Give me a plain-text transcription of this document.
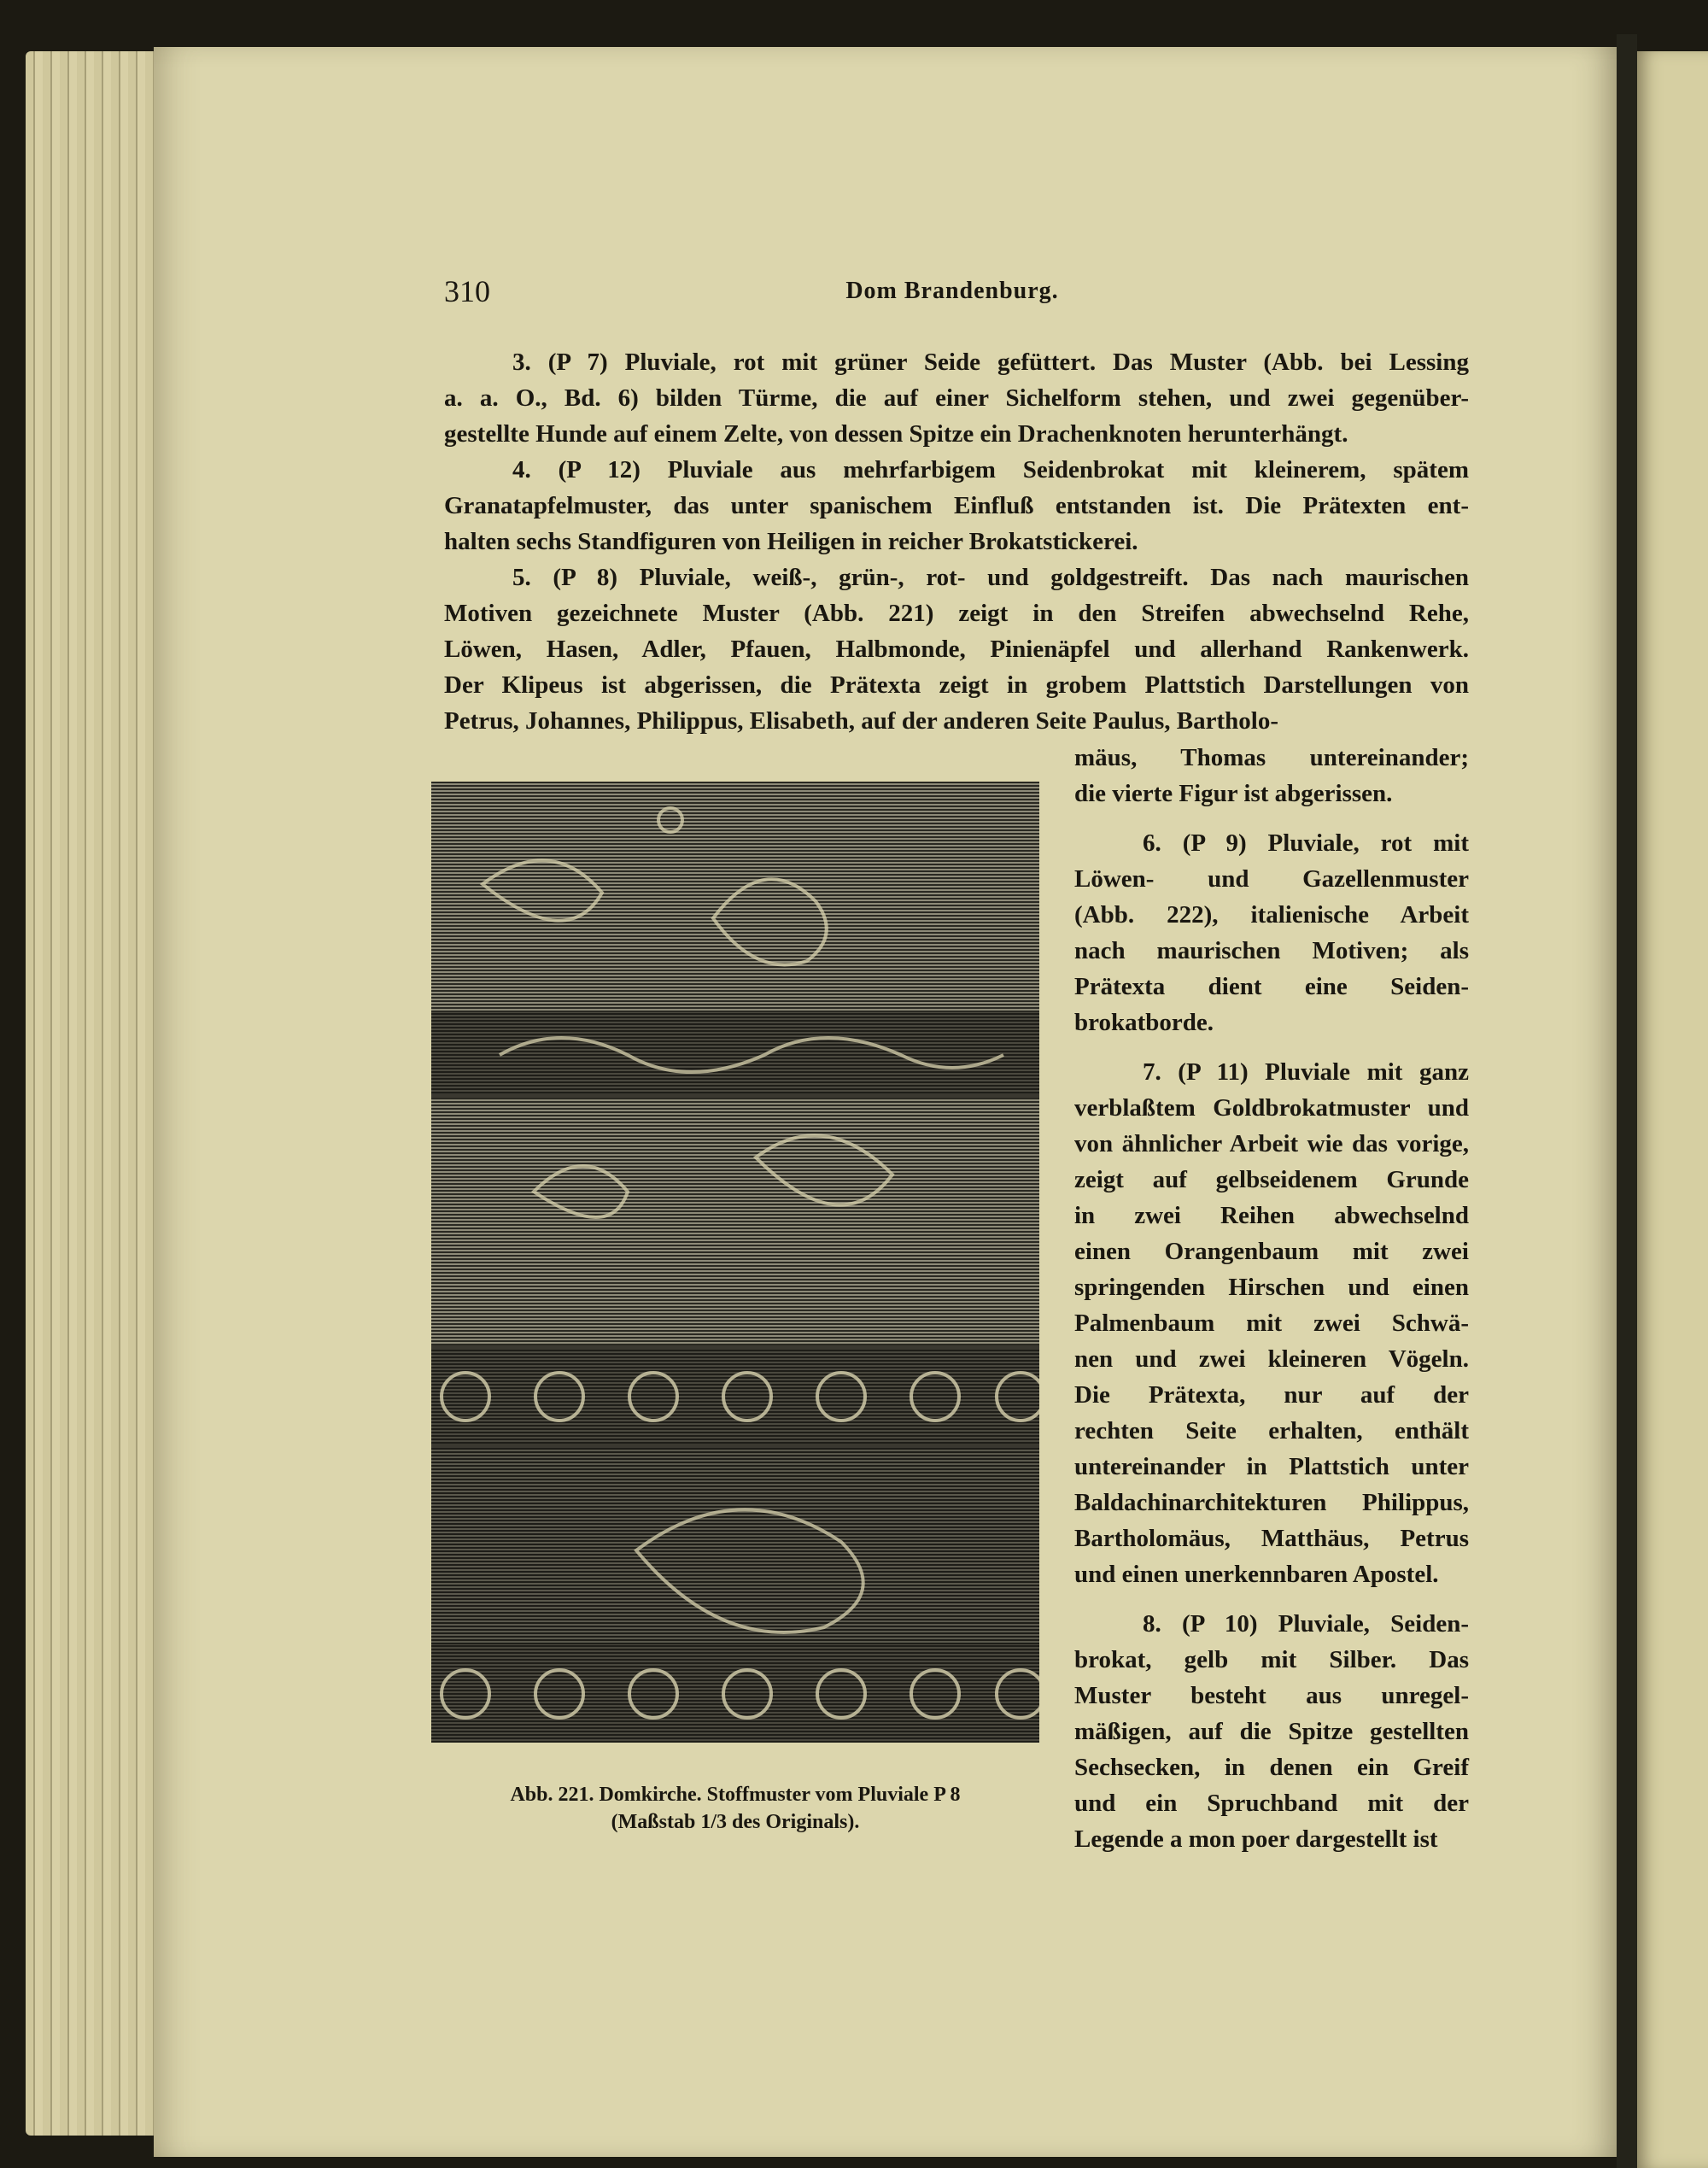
310	Dom Brandenburg.
3. (P 7) Pluviale, rot mit grüner Seide gefüttert. Das Muster (Abb. bei Lessing
a. a. O., Bd. 6) bilden Türme, die auf einer Sichelform stehen, und zwei gegenüber-
gestellte Hunde auf einem Zelte, von dessen Spitze ein Drachenknoten herunterhängt.
4. (P 12) Pluviale aus mehrfarbigem Seidenbrokat mit kleinerem, spätem
Granatapfelmuster, das unter spanischem Einfluß entstanden ist. Die Prätexten ent-
halten sechs Standfiguren von Heiligen in reicher Brokatstickerei.
5. (P 8) Pluviale, weiß-, grün-, rot- und goldgestreift. Das nach maurischen
Motiven gezeichnete Muster (Abb. 221) zeigt in den Streifen abwechselnd Rehe,
Löwen, Hasen, Adler, Pfauen, Halbmonde, Pinienäpfel und allerhand Rankenwerk.
Der Klipeus ist abgerissen, die Prätexta zeigt in grobem Plattstich Darstellungen von
Petrus, Johannes, Philippus, Elisabeth, auf der anderen Seite Paulus, Bartholo-
mäus, Thomas untereinander;
die vierte Figur ist abgerissen.
6. (P 9) Pluviale, rot mit
Löwen- und Gazellenmuster
(Abb. 222), italienische Arbeit
nach maurischen Motiven; als
Prätexta dient eine Seiden-
brokatborde.
7. (P 11) Pluviale mit ganz
verblaßtem Goldbrokatmuster und
von ähnlicher Arbeit wie das vorige,
zeigt auf gelbseidenem Grunde
in zwei Reihen abwechselnd
einen Orangenbaum mit zwei
springenden Hirschen und einen
Palmenbaum mit zwei Schwä-
nen und zwei kleineren Vögeln.
Die Prätexta, nur auf der
rechten Seite erhalten, enthält
untereinander in Plattstich unter
Baldachinarchitekturen Philippus,
Bartholomäus, Matthäus, Petrus
und einen unerkennbaren Apostel.
8. (P 10) Pluviale, Seiden-
brokat, gelb mit Silber. Das
Muster besteht aus unregel-
mäßigen, auf die Spitze gestellten
Sechsecken, in denen ein Greif
und ein Spruchband mit der
Legende a mon poer dargestellt ist
Abb. 221. Domkirche. Stoffmuster vom Pluviale P 8
(Maßstab 1/3 des Originals).
